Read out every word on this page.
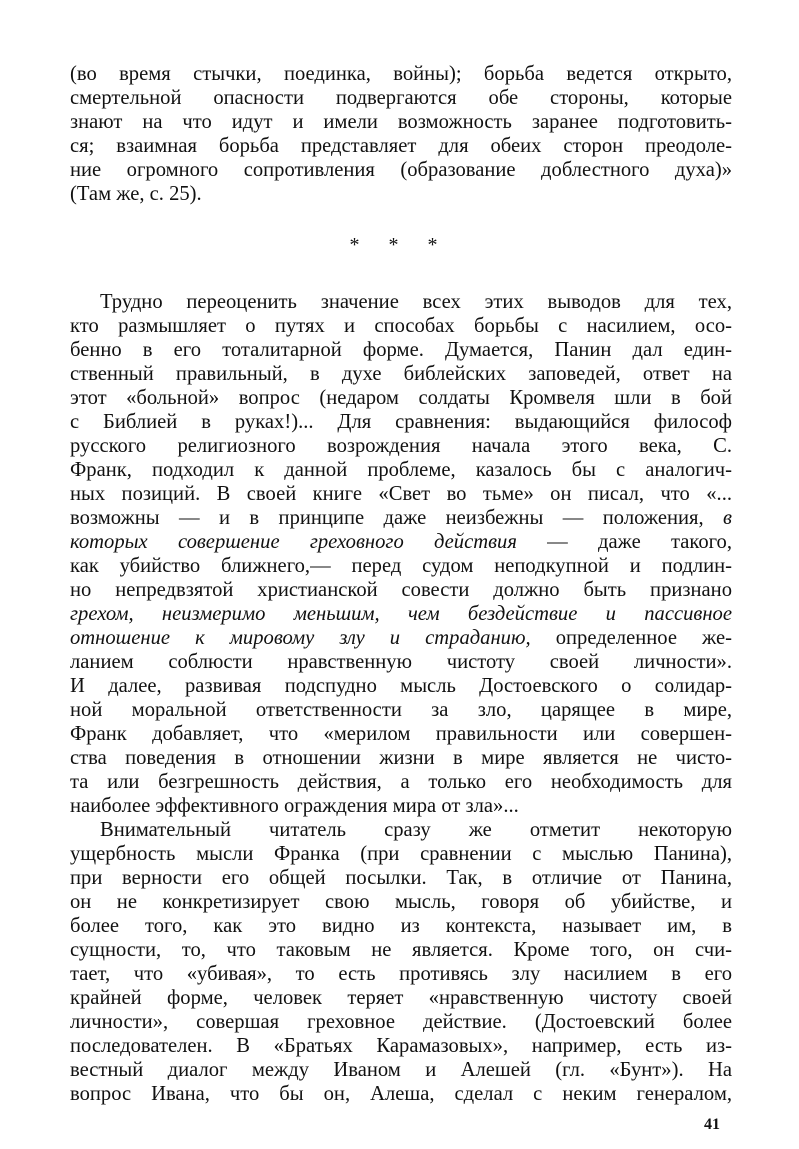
(во время стычки, поединка, войны); борьба ведется открыто,
смертельной опасности подвергаются обе стороны, которые
знают на что идут и имели возможность заранее подготовить-
ся; взаимная борьба представляет для обеих сторон преодоле-
ние огромного сопротивления (образование доблестного духа)»
(Там же, с. 25).
* * *
Трудно переоценить значение всех этих выводов для тех,
кто размышляет о путях и способах борьбы с насилием, осо-
бенно в его тоталитарной форме. Думается, Панин дал един-
ственный правильный, в духе библейских заповедей, ответ на
этот «больной» вопрос (недаром солдаты Кромвеля шли в бой
с Библией в руках!)... Для сравнения: выдающийся философ
русского религиозного возрождения начала этого века, С.
Франк, подходил к данной проблеме, казалось бы с аналогич-
ных позиций. В своей книге «Свет во тьме» он писал, что «...
возможны — и в принципе даже неизбежны — положения, в
которых совершение греховного действия — даже такого,
как убийство ближнего,— перед судом неподкупной и подлин-
но непредвзятой христианской совести должно быть признано
грехом, неизмеримо меньшим, чем бездействие и пассивное
отношение к мировому злу и страданию, определенное же-
ланием соблюсти нравственную чистоту своей личности».
И далее, развивая подспудно мысль Достоевского о солидар-
ной моральной ответственности за зло, царящее в мире,
Франк добавляет, что «мерилом правильности или совершен-
ства поведения в отношении жизни в мире является не чисто-
та или безгрешность действия, а только его необходимость для
наиболее эффективного ограждения мира от зла»...
Внимательный читатель сразу же отметит некоторую
ущербность мысли Франка (при сравнении с мыслью Панина),
при верности его общей посылки. Так, в отличие от Панина,
он не конкретизирует свою мысль, говоря об убийстве, и
более того, как это видно из контекста, называет им, в
сущности, то, что таковым не является. Кроме того, он счи-
тает, что «убивая», то есть противясь злу насилием в его
крайней форме, человек теряет «нравственную чистоту своей
личности», совершая греховное действие. (Достоевский более
последователен. В «Братьях Карамазовых», например, есть из-
вестный диалог между Иваном и Алешей (гл. «Бунт»). На
вопрос Ивана, что бы он, Алеша, сделал с неким генералом,
41
